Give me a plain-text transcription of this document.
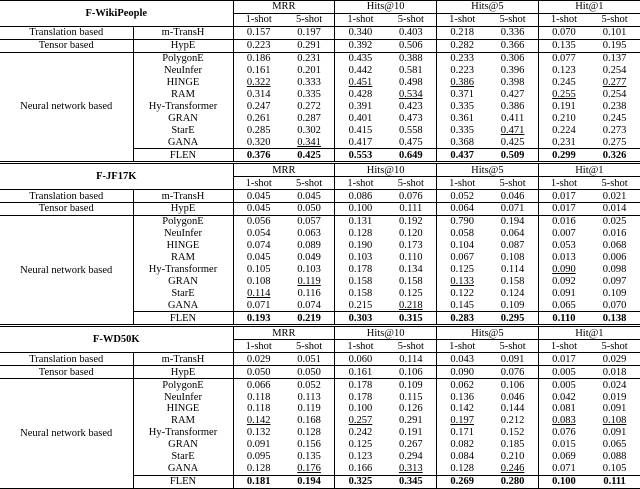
F-WikiPeople		MRR		Hits@10		Hits@5		Hit@1	
		1-shot	5-shot	1-shot	5-shot	1-shot	5-shot	1-shot	5-shot
Translation based	m-TransH	0.157	0.197	0.340	0.403	0.218	0.336	0.070	0.101
Tensor based	HypE	0.223	0.291	0.392	0.506	0.282	0.366	0.135	0.195
Neural network based	PolygonE	0.186	0.231	0.435	0.388	0.233	0.306	0.077	0.137
	NeuInfer	0.161	0.201	0.442	0.581	0.223	0.396	0.123	0.254
	HINGE	0.322	0.333	0.451	0.498	0.386	0.398	0.245	0.277
	RAM	0.314	0.335	0.428	0.534	0.371	0.427	0.255	0.254
	Hy-Transformer	0.247	0.272	0.391	0.423	0.335	0.386	0.191	0.238
	GRAN	0.261	0.287	0.401	0.473	0.361	0.411	0.210	0.245
	StarE	0.285	0.302	0.415	0.558	0.335	0.471	0.224	0.273
	GANA	0.320	0.341	0.417	0.475	0.368	0.425	0.231	0.275
	FLEN	0.376	0.425	0.553	0.649	0.437	0.509	0.299	0.326
F-JF17K		MRR		Hits@10		Hits@5		Hit@1	
		1-shot	5-shot	1-shot	5-shot	1-shot	5-shot	1-shot	5-shot
Translation based	m-TransH	0.045	0.045	0.086	0.076	0.052	0.046	0.017	0.021
Tensor based	HypE	0.045	0.050	0.100	0.111	0.064	0.071	0.017	0.014
Neural network based	PolygonE	0.056	0.057	0.131	0.192	0.790	0.194	0.016	0.025
	NeuInfer	0.054	0.063	0.128	0.120	0.058	0.064	0.007	0.016
	HINGE	0.074	0.089	0.190	0.173	0.104	0.087	0.053	0.068
	RAM	0.045	0.049	0.103	0.110	0.067	0.108	0.013	0.006
	Hy-Transformer	0.105	0.103	0.178	0.134	0.125	0.114	0.090	0.098
	GRAN	0.108	0.119	0.158	0.158	0.133	0.158	0.092	0.097
	StarE	0.114	0.116	0.158	0.125	0.122	0.124	0.091	0.109
	GANA	0.071	0.074	0.215	0.218	0.145	0.109	0.065	0.070
	FLEN	0.193	0.219	0.303	0.315	0.283	0.295	0.110	0.138
F-WD50K		MRR		Hits@10		Hits@5		Hit@1	
		1-shot	5-shot	1-shot	5-shot	1-shot	5-shot	1-shot	5-shot
Translation based	m-TransH	0.029	0.051	0.060	0.114	0.043	0.091	0.017	0.029
Tensor based	HypE	0.050	0.050	0.161	0.106	0.090	0.076	0.005	0.018
Neural network based	PolygonE	0.066	0.052	0.178	0.109	0.062	0.106	0.005	0.024
	NeuInfer	0.118	0.113	0.178	0.115	0.136	0.046	0.042	0.019
	HINGE	0.118	0.119	0.100	0.126	0.142	0.144	0.081	0.091
	RAM	0.142	0.168	0.257	0.291	0.197	0.212	0.083	0.108
	Hy-Transformer	0.132	0.128	0.242	0.191	0.171	0.152	0.076	0.091
	GRAN	0.091	0.156	0.125	0.267	0.082	0.185	0.015	0.065
	StarE	0.095	0.135	0.123	0.294	0.084	0.210	0.069	0.088
	GANA	0.128	0.176	0.166	0.313	0.128	0.246	0.071	0.105
	FLEN	0.181	0.194	0.325	0.345	0.269	0.280	0.100	0.111
